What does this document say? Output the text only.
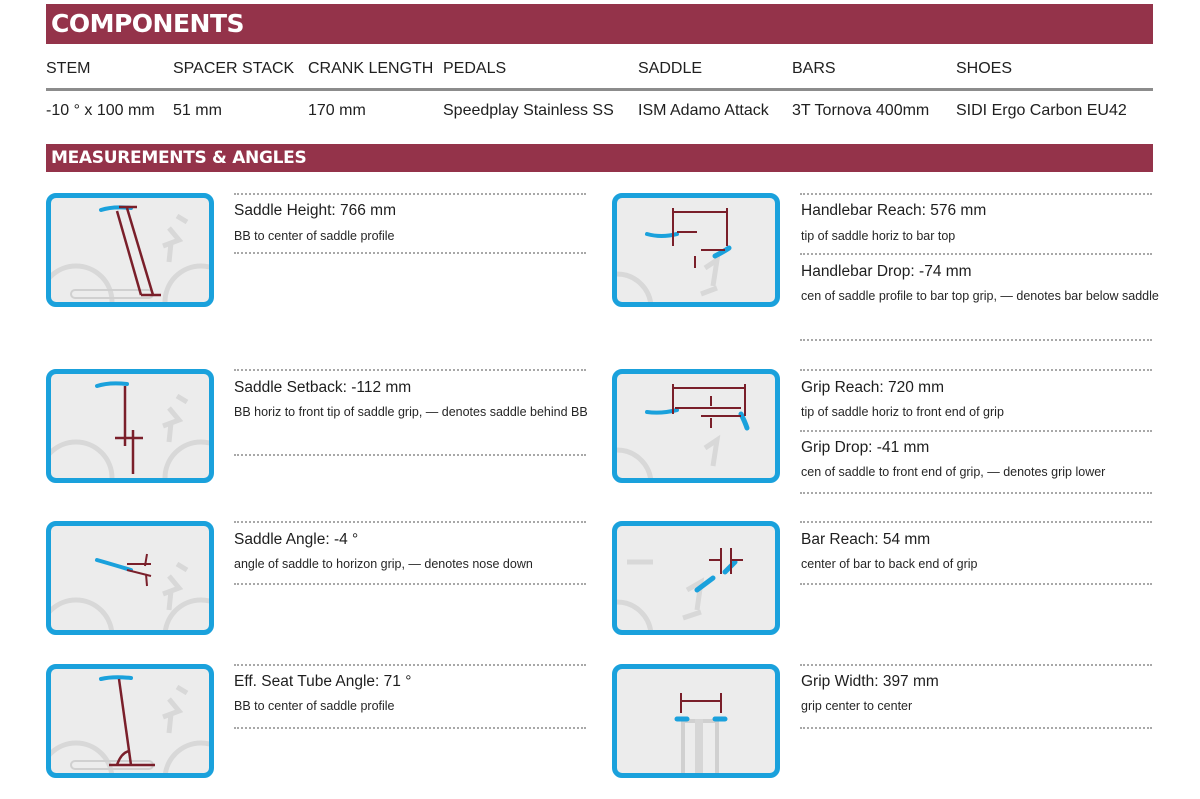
COMPONENTS
STEM
-10 ° x 100 mm
SPACER STACK
51 mm
CRANK LENGTH
170 mm
PEDALS
Speedplay Stainless SS
SADDLE
ISM Adamo Attack
BARS
3T Tornova 400mm
SHOES
SIDI Ergo Carbon EU42
MEASUREMENTS & ANGLES
Saddle Height: 766 mm
BB to center of saddle profile
Saddle Setback: -112 mm
BB horiz to front tip of saddle grip, — denotes saddle behind BB
Saddle Angle: -4 °
angle of saddle to horizon grip, — denotes nose down
Eff. Seat Tube Angle: 71 °
BB to center of saddle profile
Handlebar Reach: 576 mm
tip of saddle horiz to bar top
Handlebar Drop: -74 mm
cen of saddle profile to bar top grip, — denotes bar below saddle
Grip Reach: 720 mm
tip of saddle horiz to front end of grip
Grip Drop: -41 mm
cen of saddle to front end of grip, — denotes grip lower
Bar Reach: 54 mm
center of bar to back end of grip
Grip Width: 397 mm
grip center to center
